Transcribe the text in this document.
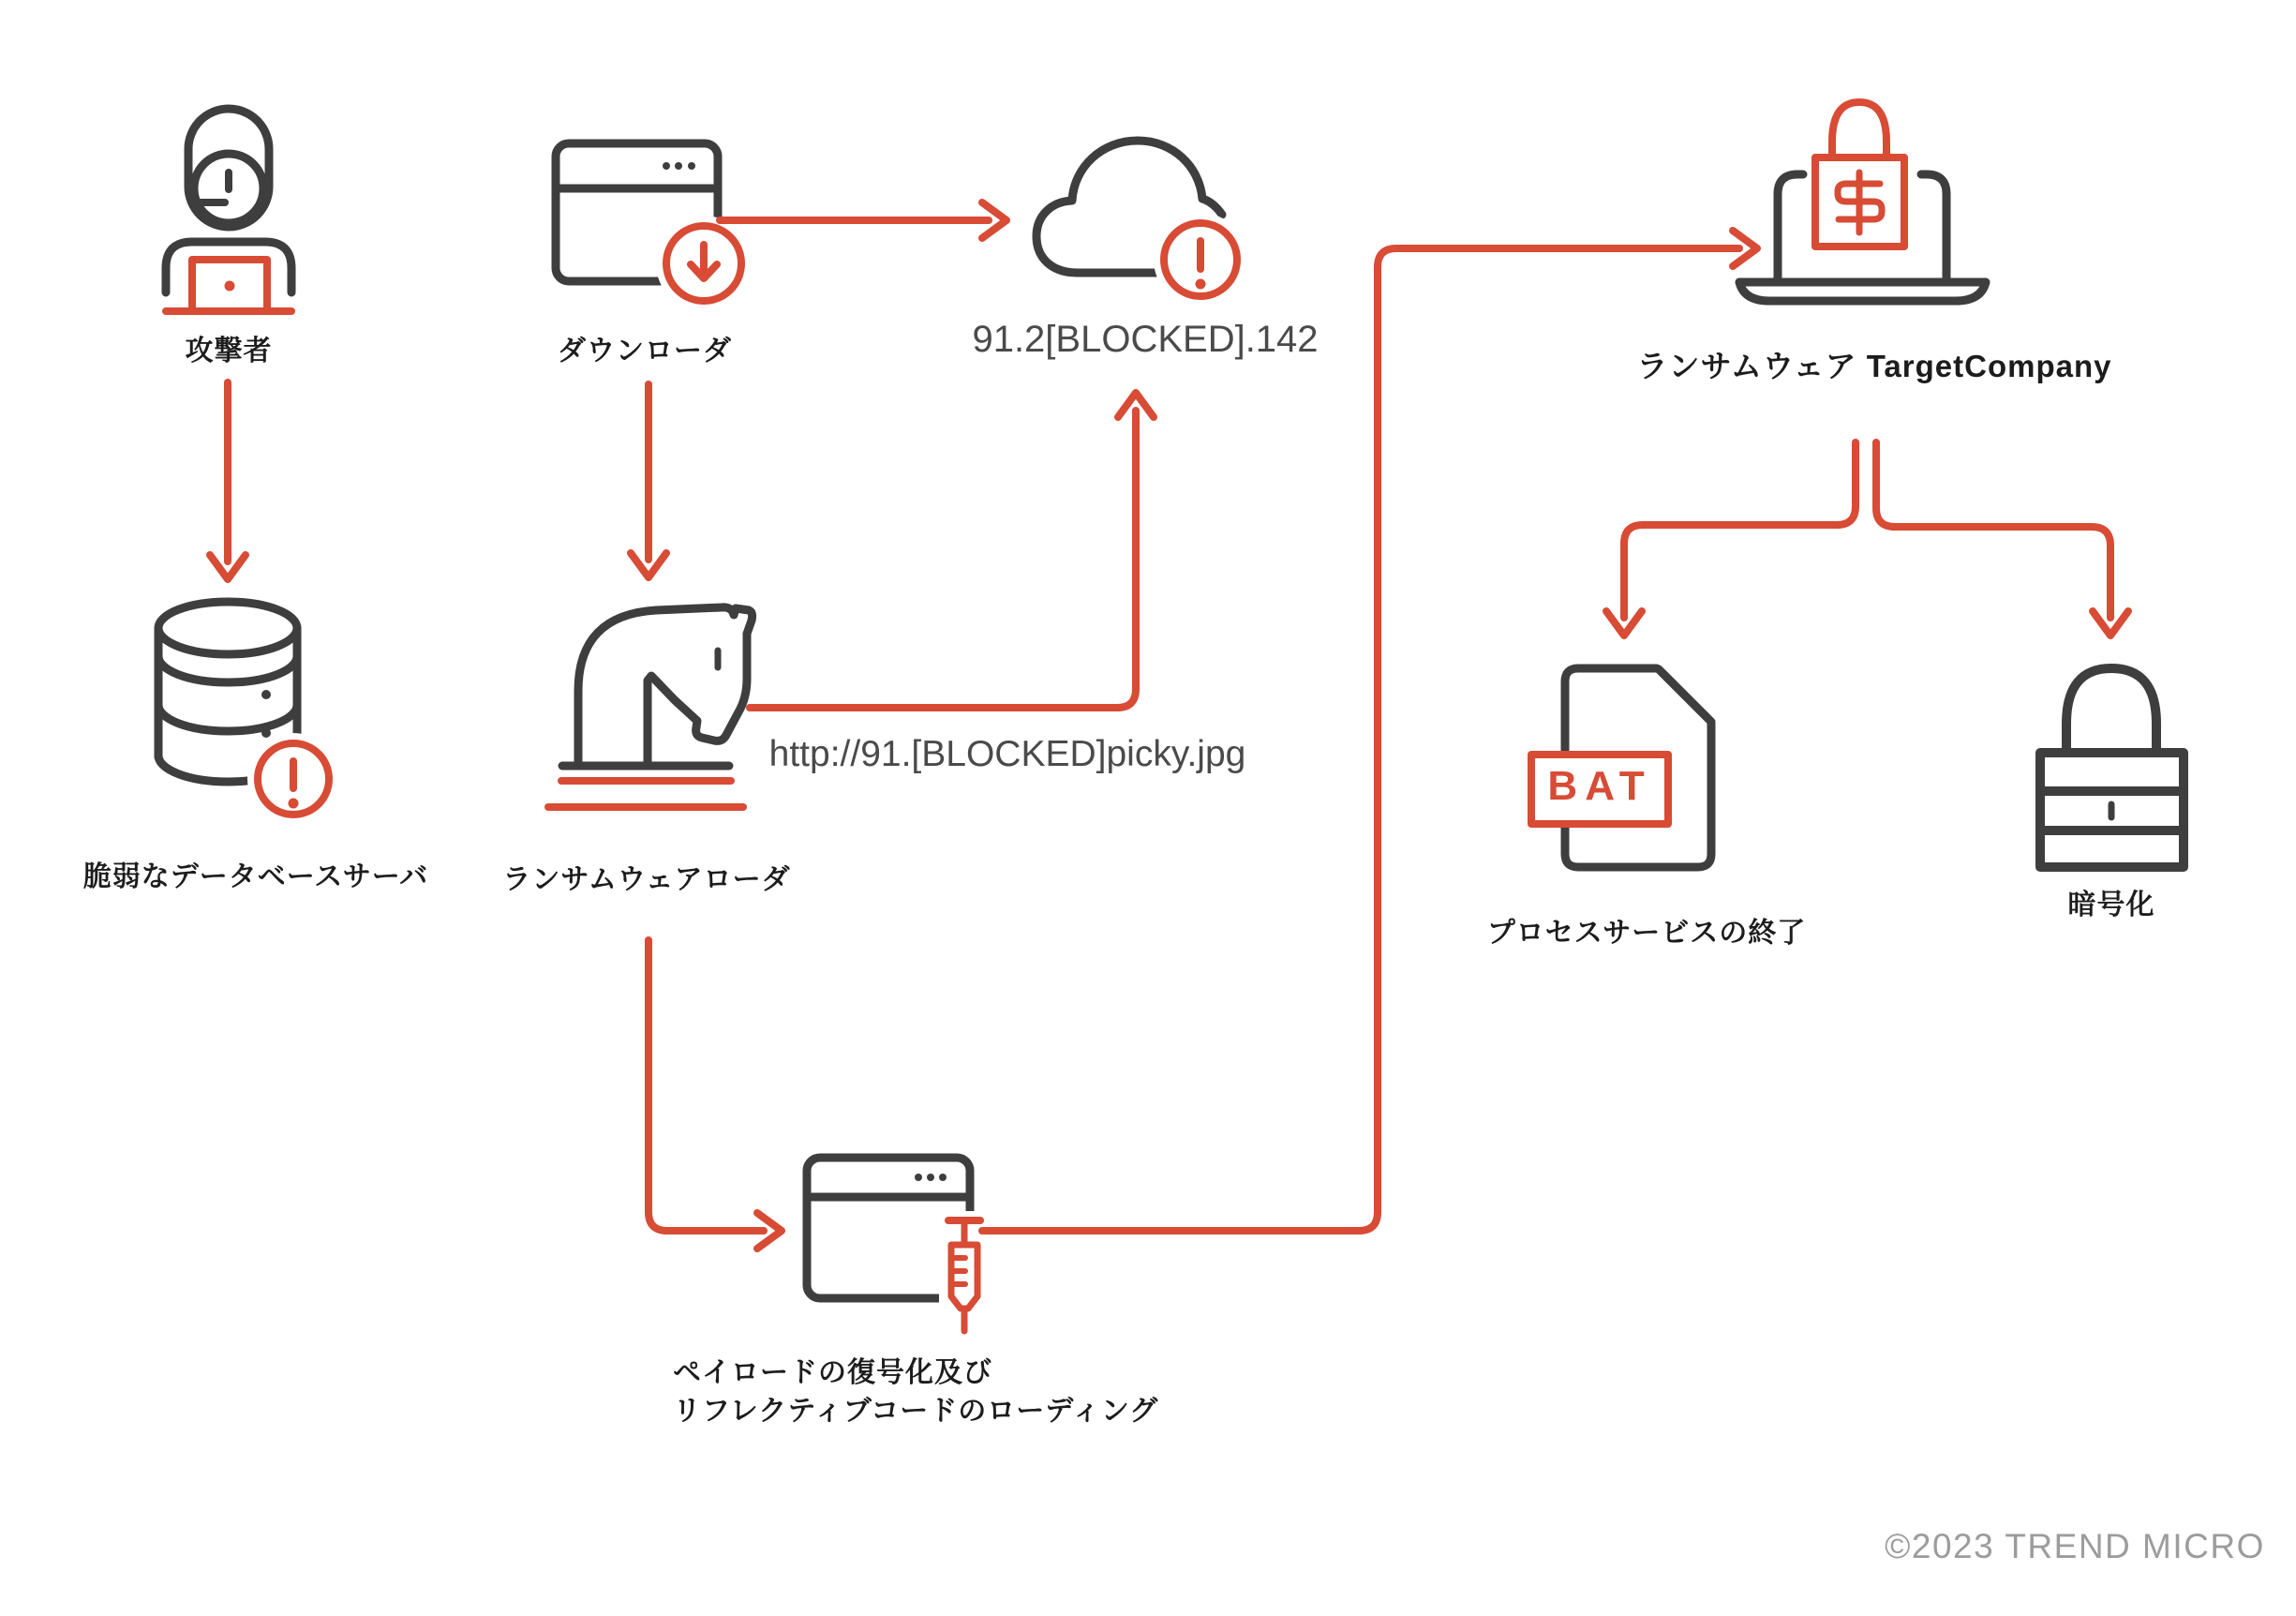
攻撃者	ダウンローダ	91.2[BLOCKED].142
ランサムウェア TargetCompany
脆弱なデータベースサーバ	ランサムウェアローダ
http://91.[BLOCKED]picky.jpg
ペイロードの復号化及び
リフレクティブコードのローディング
プロセスサービスの終了
暗号化
BAT
©2023 TREND MICRO
